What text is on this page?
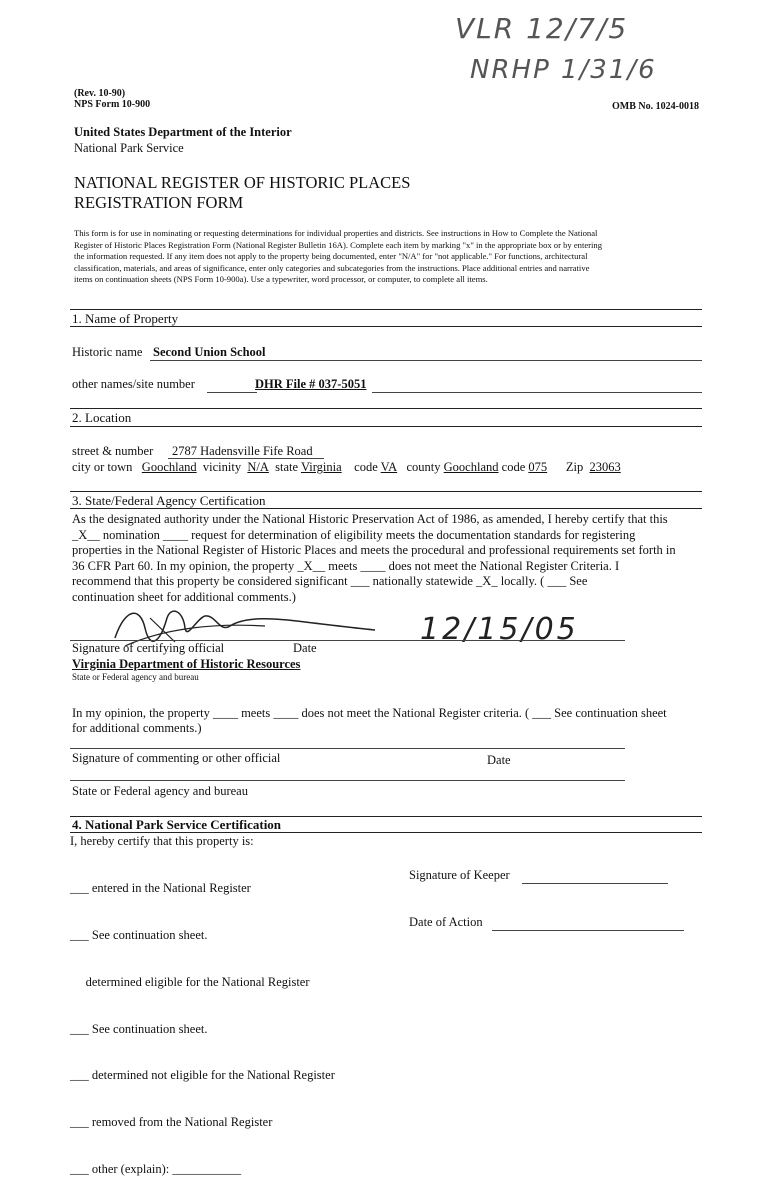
VLR 12/7/5
NRHP 1/31/6
(Rev. 10-90)
NPS Form 10-900	OMB No. 1024-0018
United States Department of the Interior
National Park Service
NATIONAL REGISTER OF HISTORIC PLACES
REGISTRATION FORM
This form is for use in nominating or requesting determinations for individual properties and districts. See instructions in How to Complete the National
Register of Historic Places Registration Form (National Register Bulletin 16A). Complete each item by marking "x" in the appropriate box or by entering
the information requested. If any item does not apply to the property being documented, enter "N/A" for "not applicable." For functions, architectural
classification, materials, and areas of significance, enter only categories and subcategories from the instructions. Place additional entries and narrative
items on continuation sheets (NPS Form 10-900a). Use a typewriter, word processor, or computer, to complete all items.
1. Name of Property
Historic name Second Union School
other names/site number	DHR File # 037-5051
2. Location
street & number 2787 Hadensville Fife Road
city or town Goochland vicinity N/A state Virginia code VA county Goochland code 075 Zip 23063
3. State/Federal Agency Certification
As the designated authority under the National Historic Preservation Act of 1986, as amended, I hereby certify that this
_X__ nomination ____ request for determination of eligibility meets the documentation standards for registering
properties in the National Register of Historic Places and meets the procedural and professional requirements set forth in
36 CFR Part 60. In my opinion, the property _X__ meets ____ does not meet the National Register Criteria. I
recommend that this property be considered significant ___ nationally statewide _X_ locally. ( ___ See
continuation sheet for additional comments.)
12/15/05
Signature of certifying official	Date
Virginia Department of Historic Resources
State or Federal agency and bureau
In my opinion, the property ____ meets ____ does not meet the National Register criteria. ( ___ See continuation sheet
for additional comments.)
Signature of commenting or other official	Date
State or Federal agency and bureau
4. National Park Service Certification
I, hereby certify that this property is:

___ entered in the National Register

___ See continuation sheet.

determined eligible for the National Register

___ See continuation sheet.

___ determined not eligible for the National Register

___ removed from the National Register

___ other (explain): ___________

Signature of Keeper
Date of Action
